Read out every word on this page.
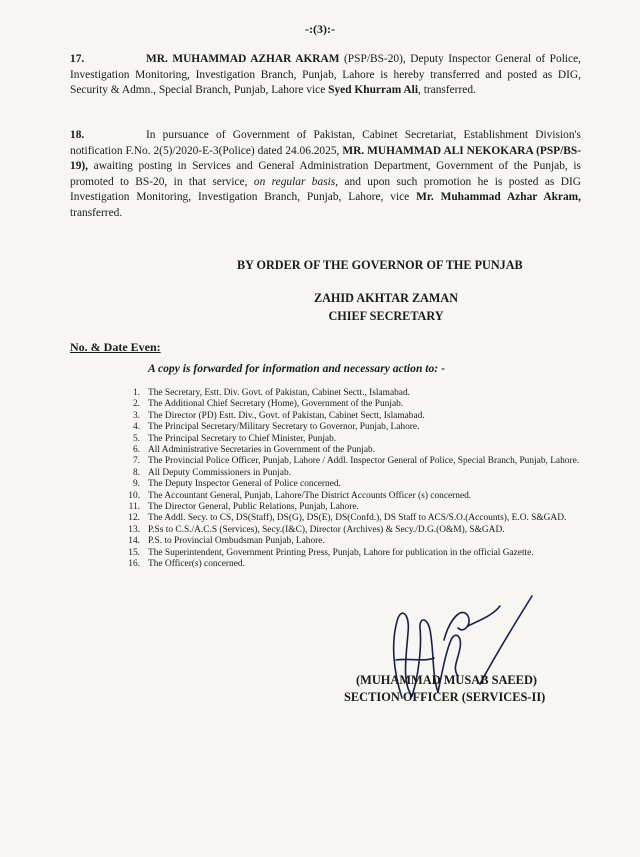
-:(3):-
17.	MR. MUHAMMAD AZHAR AKRAM (PSP/BS-20), Deputy Inspector General of Police, Investigation Monitoring, Investigation Branch, Punjab, Lahore is hereby transferred and posted as DIG, Security & Admn., Special Branch, Punjab, Lahore vice Syed Khurram Ali, transferred.
18.	In pursuance of Government of Pakistan, Cabinet Secretariat, Establishment Division's notification F.No. 2(5)/2020-E-3(Police) dated 24.06.2025, MR. MUHAMMAD ALI NEKOKARA (PSP/BS-19), awaiting posting in Services and General Administration Department, Government of the Punjab, is promoted to BS-20, in that service, on regular basis, and upon such promotion he is posted as DIG Investigation Monitoring, Investigation Branch, Punjab, Lahore, vice Mr. Muhammad Azhar Akram, transferred.
BY ORDER OF THE GOVERNOR OF THE PUNJAB
ZAHID AKHTAR ZAMAN
CHIEF SECRETARY
No. & Date Even:
A copy is forwarded for information and necessary action to: -
1. The Secretary, Estt. Div. Govt. of Pakistan, Cabinet Sectt., Islamabad.
2. The Additional Chief Secretary (Home), Government of the Punjab.
3. The Director (PD) Estt. Div., Govt. of Pakistan, Cabinet Sectt, Islamabad.
4. The Principal Secretary/Military Secretary to Governor, Punjab, Lahore.
5. The Principal Secretary to Chief Minister, Punjab.
6. All Administrative Secretaries in Government of the Punjab.
7. The Provincial Police Officer, Punjab, Lahore / Addl. Inspector General of Police, Special Branch, Punjab, Lahore.
8. All Deputy Commissioners in Punjab.
9. The Deputy Inspector General of Police concerned.
10. The Accountant General, Punjab, Lahore/The District Accounts Officer (s) concerned.
11. The Director General, Public Relations, Punjab, Lahore.
12. The Addl. Secy. to CS, DS(Staff), DS(G), DS(E), DS(Confd.), DS Staff to ACS/S.O.(Accounts), E.O. S&GAD.
13. P.Ss to C.S./A.C.S (Services), Secy.(I&C), Director (Archives) & Secy./D.G.(O&M), S&GAD.
14. P.S. to Provincial Ombudsman Punjab, Lahore.
15. The Superintendent, Government Printing Press, Punjab, Lahore for publication in the official Gazette.
16. The Officer(s) concerned.
(MUHAMMAD MUSAB SAEED)
SECTION OFFICER (SERVICES-II)
